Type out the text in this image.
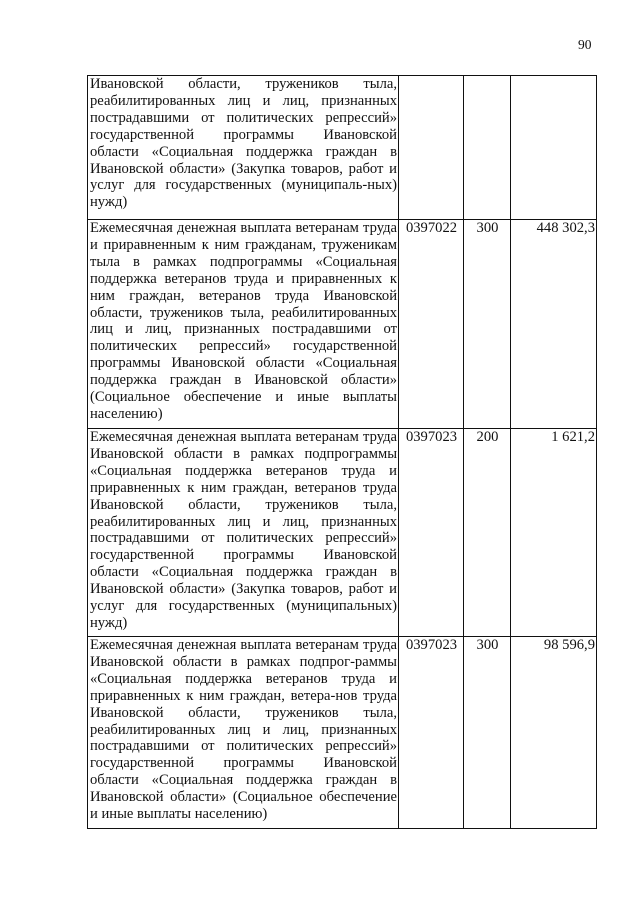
90
Ивановской области, тружеников тыла, реабилитированных лиц и лиц, признанных пострадавшими от политических репрессий» государственной программы Ивановской области «Социальная поддержка граждан в Ивановской области» (Закупка товаров, работ и услуг для государственных (муниципаль-ных) нужд)			
Ежемесячная денежная выплата ветеранам труда и приравненным к ним гражданам, труженикам тыла в рамках подпрограммы «Социальная поддержка ветеранов труда и приравненных к ним граждан, ветеранов труда Ивановской области, тружеников тыла, реабилитированных лиц и лиц, признанных пострадавшими от политических репрессий» государственной программы Ивановской области «Социальная поддержка граждан в Ивановской области» (Социальное обеспечение и иные выплаты населению)	0397022	300	448 302,3
Ежемесячная денежная выплата ветеранам труда Ивановской области в рамках подпрограммы «Социальная поддержка ветеранов труда и приравненных к ним граждан, ветеранов труда Ивановской области, тружеников тыла, реабилитированных лиц и лиц, признанных пострадавшими от политических репрессий» государственной программы Ивановской области «Социальная поддержка граждан в Ивановской области» (Закупка товаров, работ и услуг для государственных (муниципальных) нужд)	0397023	200	1 621,2
Ежемесячная денежная выплата ветеранам труда Ивановской области в рамках подпрог-раммы «Социальная поддержка ветеранов труда и приравненных к ним граждан, ветера-нов труда Ивановской области, тружеников тыла, реабилитированных лиц и лиц, признанных пострадавшими от политических репрессий» государственной программы Ивановской области «Социальная поддержка граждан в Ивановской области» (Социальное обеспечение и иные выплаты населению)	0397023	300	98 596,9
